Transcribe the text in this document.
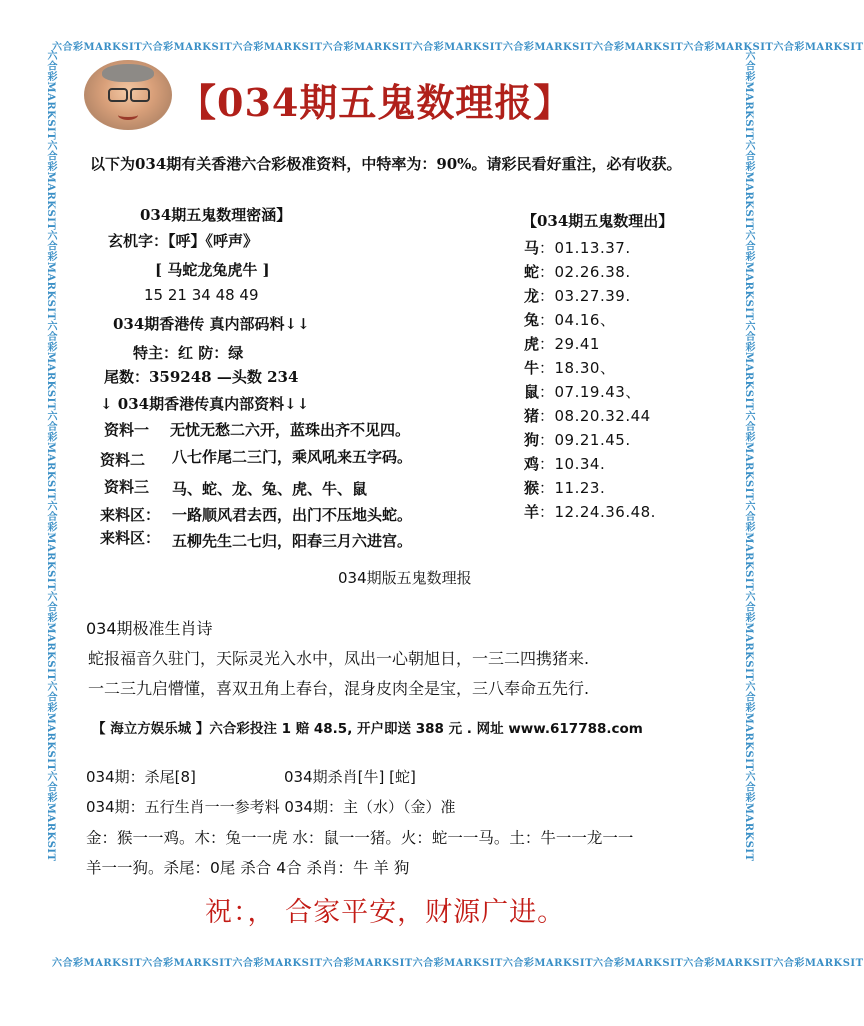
六合彩MARKSIT六合彩MARKSIT六合彩MARKSIT六合彩MARKSIT六合彩MARKSIT六合彩MARKSIT六合彩MARKSIT六合彩MARKSIT六合彩MARKSIT
六合彩MARKSIT六合彩MARKSIT六合彩MARKSIT六合彩MARKSIT六合彩MARKSIT六合彩MARKSIT六合彩MARKSIT六合彩MARKSIT六合彩MARKSIT
六合彩MARKSIT六合彩MARKSIT六合彩MARKSIT六合彩MARKSIT六合彩MARKSIT六合彩MARKSIT六合彩MARKSIT六合彩MARKSIT六合彩MARKSIT	六合彩MARKSIT六合彩MARKSIT六合彩MARKSIT六合彩MARKSIT六合彩MARKSIT六合彩MARKSIT六合彩MARKSIT六合彩MARKSIT六合彩MARKSIT
【034期五鬼数理报】
以下为034期有关香港六合彩极准资料，中特率为：90%。请彩民看好重注，必有收获。
034期五鬼数理密涵】
玄机字：【呼】《呼声》
[ 马蛇龙兔虎牛 ]
15 21 34 48 49
034期香港传 真内部码料↓↓
特主：红 防：绿
尾数：359248 —头数 234
↓ 034期香港传真内部资料↓↓
资料一 无忧无愁二六开，蓝珠出齐不见四。
资料二 八七作尾二三门，乘风吼来五字码。
资料三 马、蛇、龙、兔、虎、牛、鼠
来料区： 一路顺风君去西，出门不压地头蛇。
来料区： 五柳先生二七归，阳春三月六进宫。
【034期五鬼数理出】
马：01.13.37.
蛇：02.26.38.
龙：03.27.39.
兔：04.16、
虎：29.41
牛：18.30、
鼠：07.19.43、
猪：08.20.32.44
狗：09.21.45.
鸡：10.34.
猴：11.23.
羊：12.24.36.48.
034期版五鬼数理报
034期极准生肖诗
蛇报福音久驻门，天际灵光入水中，凤出一心朝旭日，一三二四携猪来.
一二三九启懵懂，喜双丑角上春台，混身皮肉全是宝，三八奉命五先行.
【 海立方娱乐城 】六合彩投注 1 赔 48.5, 开户即送 388 元 . 网址 www.617788.com
034期：杀尾[8]	034期杀肖[牛] [蛇]
034期：五行生肖一一参考料 034期：主（水）（金）准
金：猴一一鸡。木：兔一一虎 水：鼠一一猪。火：蛇一一马。土：牛一一龙一一
羊一一狗。杀尾：0尾 杀合 4合 杀肖：牛 羊 狗
祝：， 合家平安，财源广进。
